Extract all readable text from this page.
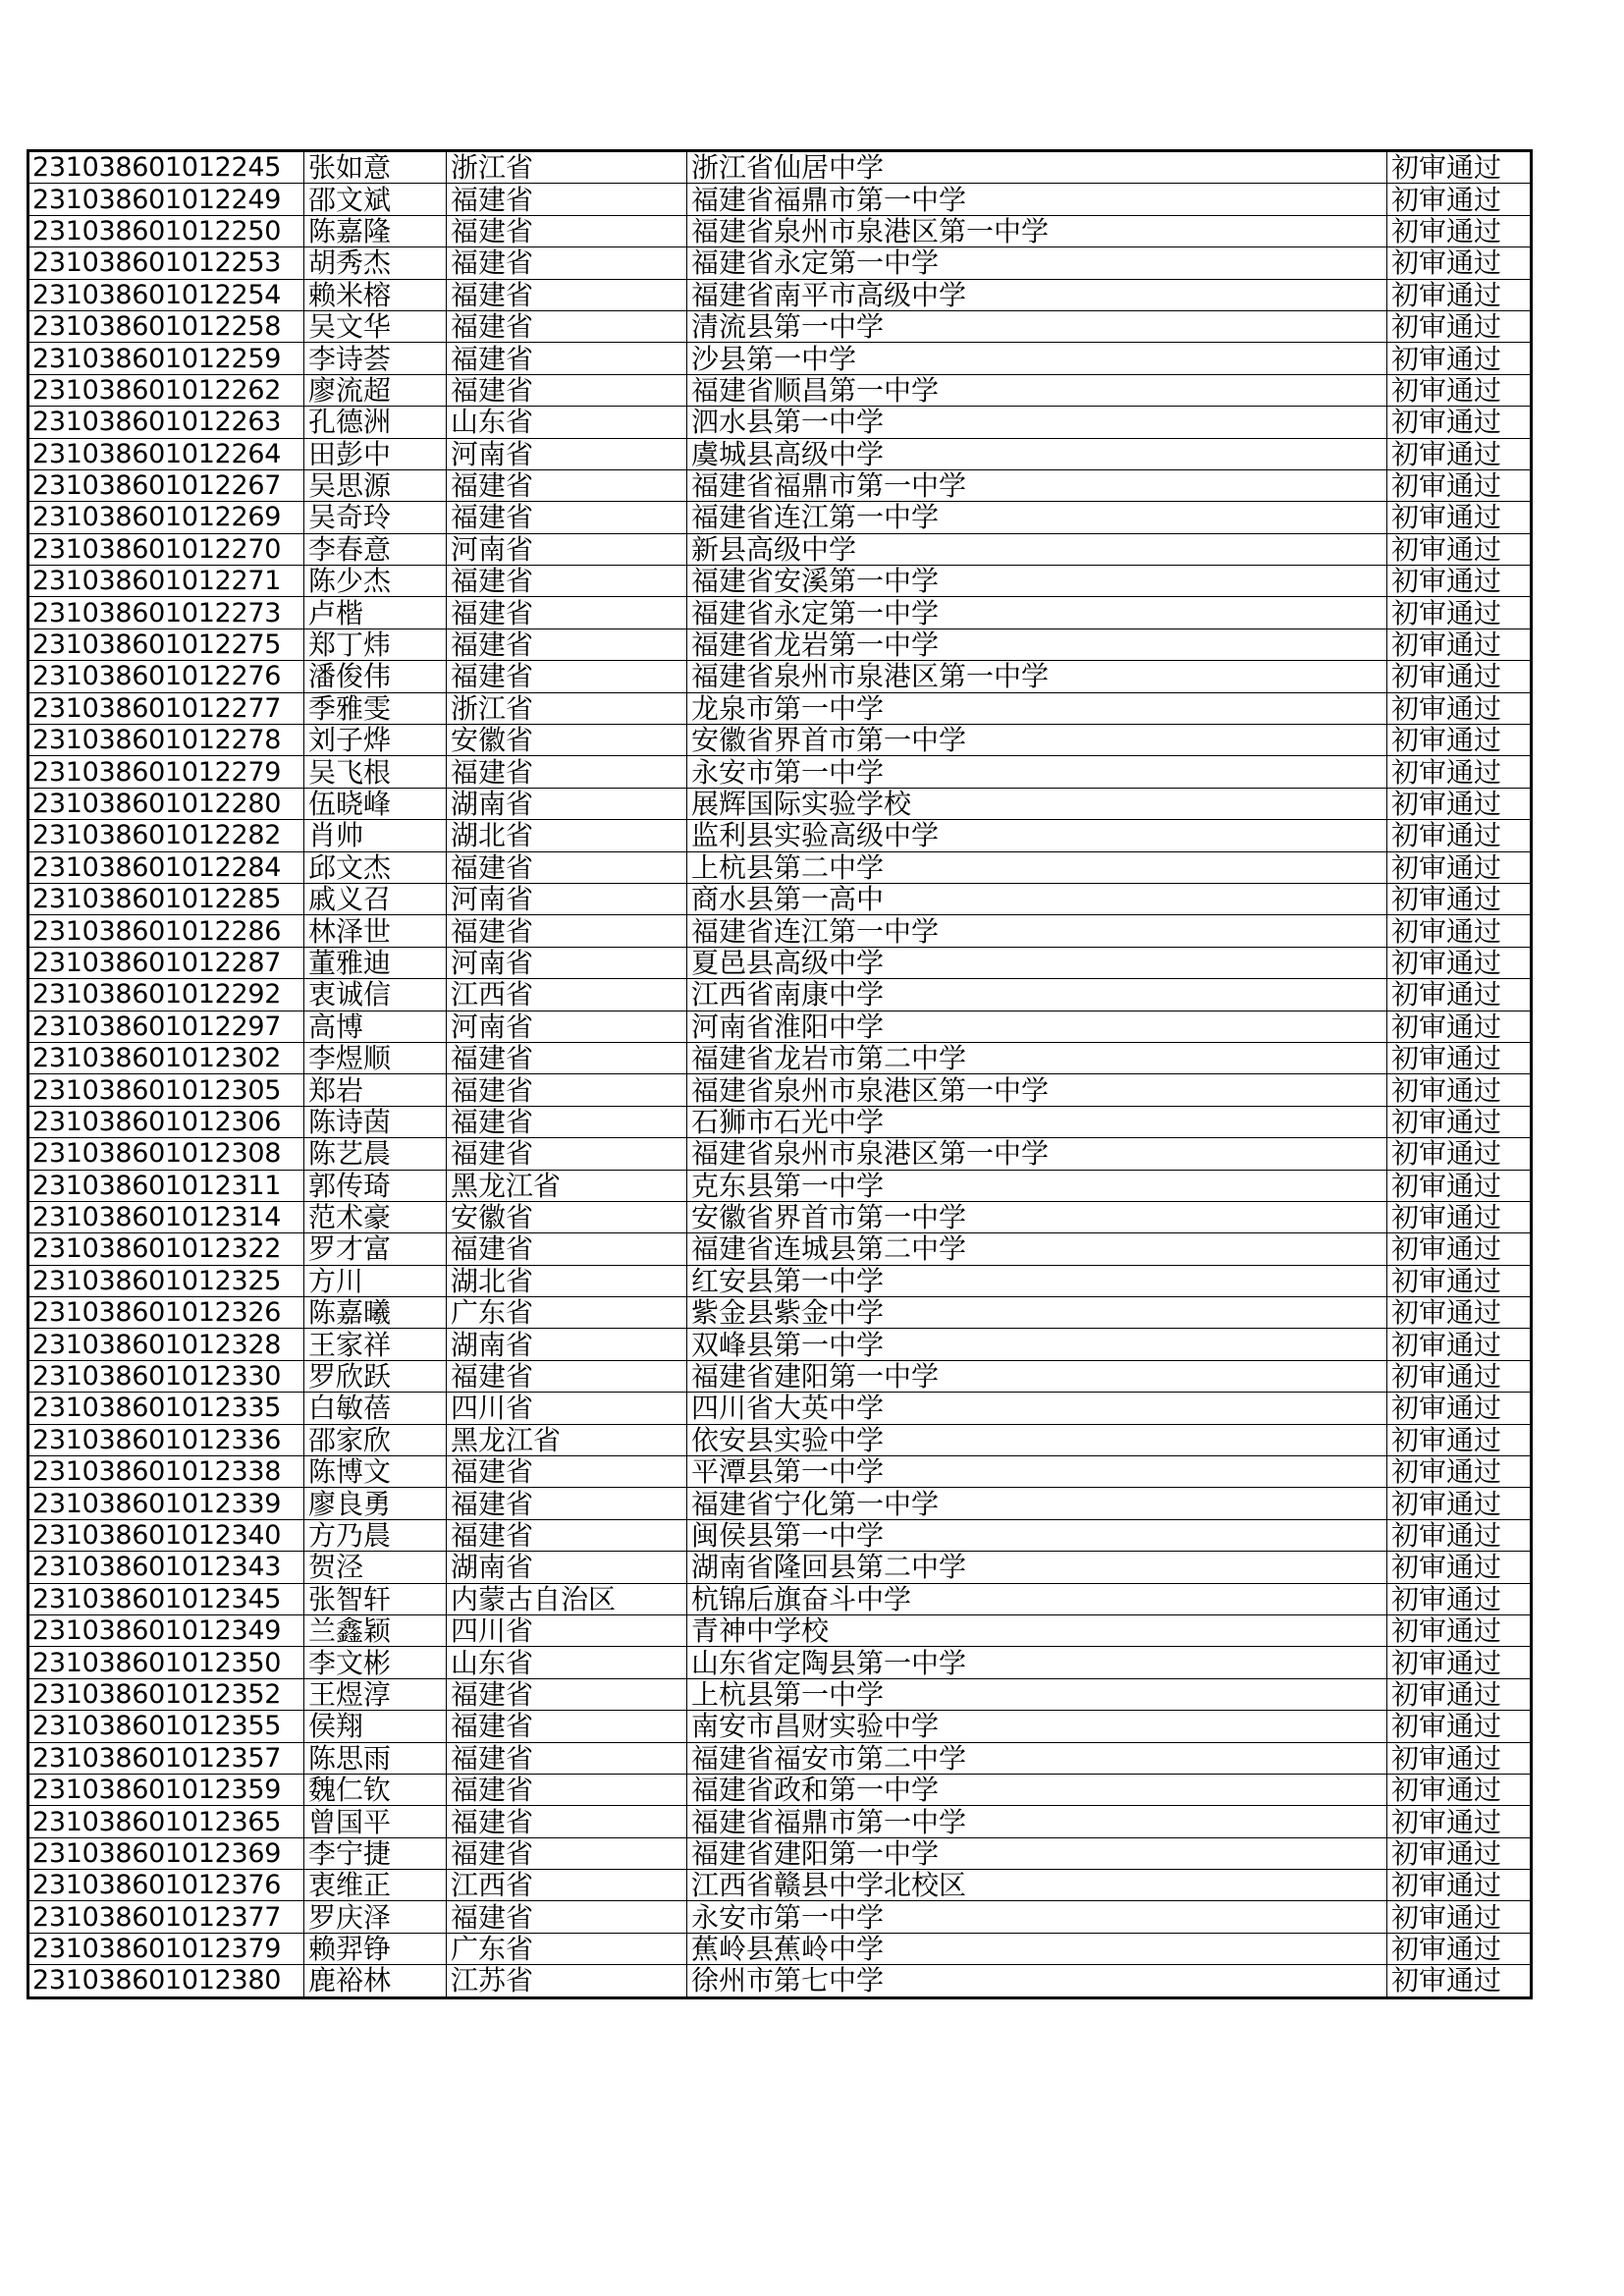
231038601012245	张如意	浙江省	浙江省仙居中学	初审通过
231038601012249	邵文斌	福建省	福建省福鼎市第一中学	初审通过
231038601012250	陈嘉隆	福建省	福建省泉州市泉港区第一中学	初审通过
231038601012253	胡秀杰	福建省	福建省永定第一中学	初审通过
231038601012254	赖米榕	福建省	福建省南平市高级中学	初审通过
231038601012258	吴文华	福建省	清流县第一中学	初审通过
231038601012259	李诗荟	福建省	沙县第一中学	初审通过
231038601012262	廖流超	福建省	福建省顺昌第一中学	初审通过
231038601012263	孔德洲	山东省	泗水县第一中学	初审通过
231038601012264	田彭中	河南省	虞城县高级中学	初审通过
231038601012267	吴思源	福建省	福建省福鼎市第一中学	初审通过
231038601012269	吴奇玲	福建省	福建省连江第一中学	初审通过
231038601012270	李春意	河南省	新县高级中学	初审通过
231038601012271	陈少杰	福建省	福建省安溪第一中学	初审通过
231038601012273	卢楷	福建省	福建省永定第一中学	初审通过
231038601012275	郑丁炜	福建省	福建省龙岩第一中学	初审通过
231038601012276	潘俊伟	福建省	福建省泉州市泉港区第一中学	初审通过
231038601012277	季雅雯	浙江省	龙泉市第一中学	初审通过
231038601012278	刘子烨	安徽省	安徽省界首市第一中学	初审通过
231038601012279	吴飞根	福建省	永安市第一中学	初审通过
231038601012280	伍晓峰	湖南省	展辉国际实验学校	初审通过
231038601012282	肖帅	湖北省	监利县实验高级中学	初审通过
231038601012284	邱文杰	福建省	上杭县第二中学	初审通过
231038601012285	戚义召	河南省	商水县第一高中	初审通过
231038601012286	林泽世	福建省	福建省连江第一中学	初审通过
231038601012287	董雅迪	河南省	夏邑县高级中学	初审通过
231038601012292	衷诚信	江西省	江西省南康中学	初审通过
231038601012297	高博	河南省	河南省淮阳中学	初审通过
231038601012302	李煜顺	福建省	福建省龙岩市第二中学	初审通过
231038601012305	郑岩	福建省	福建省泉州市泉港区第一中学	初审通过
231038601012306	陈诗茵	福建省	石狮市石光中学	初审通过
231038601012308	陈艺晨	福建省	福建省泉州市泉港区第一中学	初审通过
231038601012311	郭传琦	黑龙江省	克东县第一中学	初审通过
231038601012314	范术豪	安徽省	安徽省界首市第一中学	初审通过
231038601012322	罗才富	福建省	福建省连城县第二中学	初审通过
231038601012325	方川	湖北省	红安县第一中学	初审通过
231038601012326	陈嘉曦	广东省	紫金县紫金中学	初审通过
231038601012328	王家祥	湖南省	双峰县第一中学	初审通过
231038601012330	罗欣跃	福建省	福建省建阳第一中学	初审通过
231038601012335	白敏蓓	四川省	四川省大英中学	初审通过
231038601012336	邵家欣	黑龙江省	依安县实验中学	初审通过
231038601012338	陈博文	福建省	平潭县第一中学	初审通过
231038601012339	廖良勇	福建省	福建省宁化第一中学	初审通过
231038601012340	方乃晨	福建省	闽侯县第一中学	初审通过
231038601012343	贺泾	湖南省	湖南省隆回县第二中学	初审通过
231038601012345	张智轩	内蒙古自治区	杭锦后旗奋斗中学	初审通过
231038601012349	兰鑫颖	四川省	青神中学校	初审通过
231038601012350	李文彬	山东省	山东省定陶县第一中学	初审通过
231038601012352	王煜淳	福建省	上杭县第一中学	初审通过
231038601012355	侯翔	福建省	南安市昌财实验中学	初审通过
231038601012357	陈思雨	福建省	福建省福安市第二中学	初审通过
231038601012359	魏仁钦	福建省	福建省政和第一中学	初审通过
231038601012365	曾国平	福建省	福建省福鼎市第一中学	初审通过
231038601012369	李宁捷	福建省	福建省建阳第一中学	初审通过
231038601012376	衷维正	江西省	江西省赣县中学北校区	初审通过
231038601012377	罗庆泽	福建省	永安市第一中学	初审通过
231038601012379	赖羿铮	广东省	蕉岭县蕉岭中学	初审通过
231038601012380	鹿裕林	江苏省	徐州市第七中学	初审通过
